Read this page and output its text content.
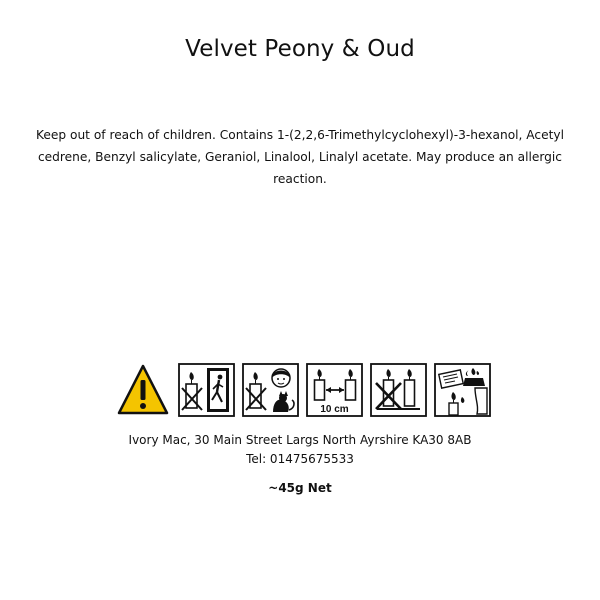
Velvet Peony & Oud
Keep out of reach of children. Contains 1-(2,2,6-Trimethylcyclohexyl)-3-hexanol, Acetyl cedrene, Benzyl salicylate, Geraniol, Linalool, Linalyl acetate. May produce an allergic reaction.
10 cm
Ivory Mac, 30 Main Street Largs North Ayrshire KA30 8AB
Tel: 01475675533
~45g Net
